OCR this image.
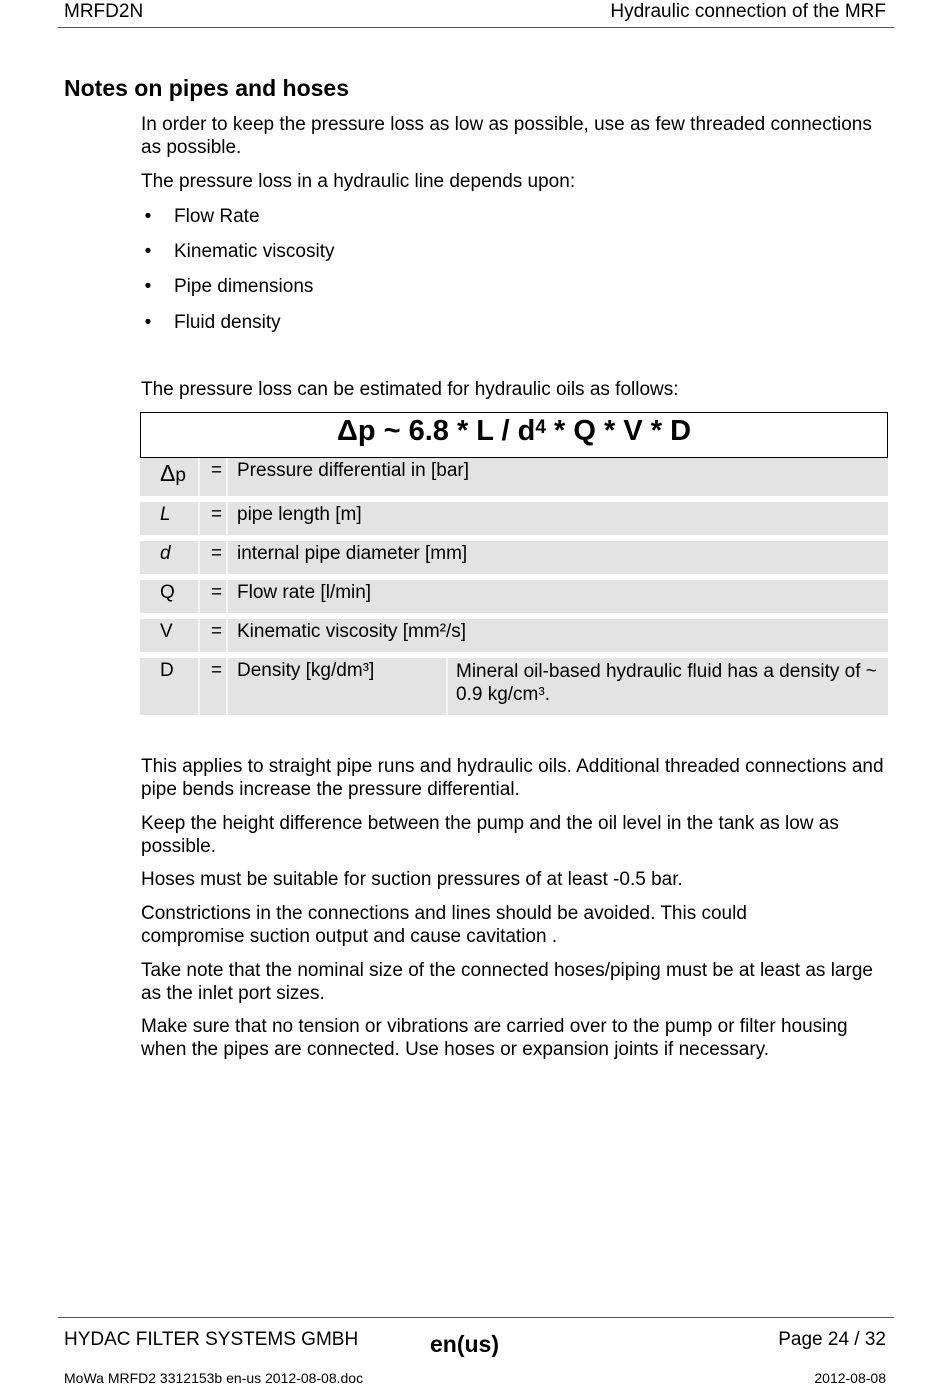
MRFD2N	Hydraulic connection of the MRF
Notes on pipes and hoses
In order to keep the pressure loss as low as possible, use as few threaded connections as possible.
The pressure loss in a hydraulic line depends upon:
• Flow Rate
• Kinematic viscosity
• Pipe dimensions
• Fluid density
The pressure loss can be estimated for hydraulic oils as follows:
Δp ~ 6.8 * L / $d^4$ * Q * V * D
Δp = Pressure differential in [bar]
L = pipe length [m]
d = internal pipe diameter [mm]
Q = Flow rate [l/min]
V = Kinematic viscosity [mm²/s]
D = Density [kg/dm³]	Mineral oil-based hydraulic fluid has a density of ~ 0.9 kg/cm³.
This applies to straight pipe runs and hydraulic oils. Additional threaded connections and pipe bends increase the pressure differential.
Keep the height difference between the pump and the oil level in the tank as low as possible.
Hoses must be suitable for suction pressures of at least -0.5 bar.
Constrictions in the connections and lines should be avoided. This could compromise suction output and cause cavitation .
Take note that the nominal size of the connected hoses/piping must be at least as large as the inlet port sizes.
Make sure that no tension or vibrations are carried over to the pump or filter housing when the pipes are connected. Use hoses or expansion joints if necessary.
HYDAC FILTER SYSTEMS GMBH	en(us)	Page 24 / 32
MoWa MRFD2 3312153b en-us 2012-08-08.doc	2012-08-08
